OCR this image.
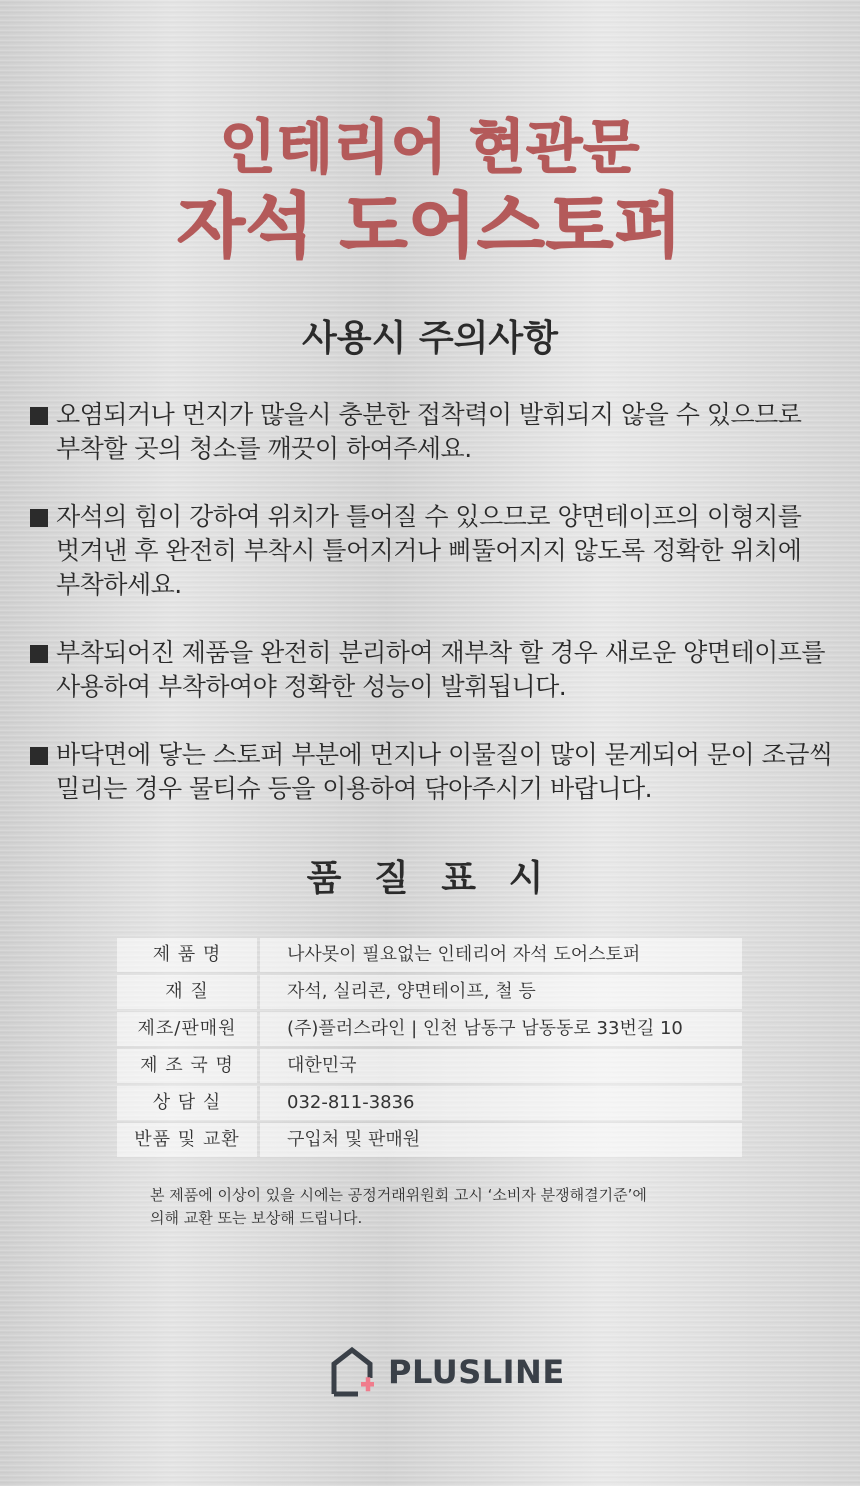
인테리어 현관문
자석 도어스토퍼
사용시 주의사항
오염되거나 먼지가 많을시 충분한 접착력이 발휘되지 않을 수 있으므로
부착할 곳의 청소를 깨끗이 하여주세요.
자석의 힘이 강하여 위치가 틀어질 수 있으므로 양면테이프의 이형지를
벗겨낸 후 완전히 부착시 틀어지거나 삐뚤어지지 않도록 정확한 위치에
부착하세요.
부착되어진 제품을 완전히 분리하여 재부착 할 경우 새로운 양면테이프를
사용하여 부착하여야 정확한 성능이 발휘됩니다.
바닥면에 닿는 스토퍼 부분에 먼지나 이물질이 많이 묻게되어 문이 조금씩
밀리는 경우 물티슈 등을 이용하여 닦아주시기 바랍니다.
품 질 표 시
제 품 명	나사못이 필요없는 인테리어 자석 도어스토퍼
재 질	자석, 실리콘, 양면테이프, 철 등
제조/판매원	(주)플러스라인 | 인천 남동구 남동동로 33번길 10
제 조 국 명	대한민국
상 담 실	032-811-3836
반품 및 교환	구입처 및 판매원
본 제품에 이상이 있을 시에는 공정거래위원회 고시 ‘소비자 분쟁해결기준’에
의해 교환 또는 보상해 드립니다.
PLUSLINE
